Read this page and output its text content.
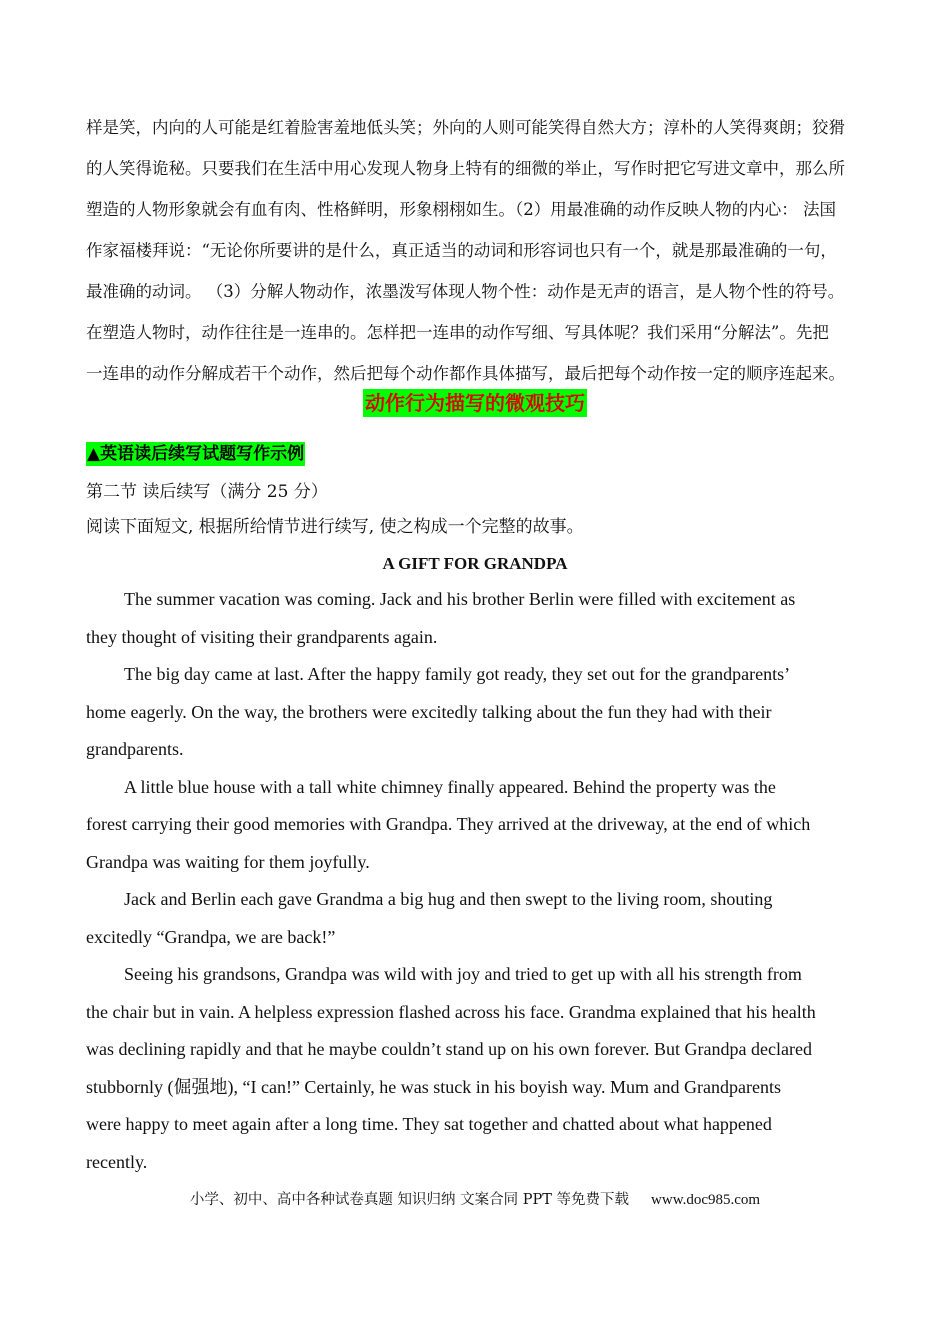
样是笑，内向的人可能是红着脸害羞地低头笑；外向的人则可能笑得自然大方；淳朴的人笑得爽朗；狡猾
的人笑得诡秘。只要我们在生活中用心发现人物身上特有的细微的举止，写作时把它写进文章中，那么所
塑造的人物形象就会有血有肉、性格鲜明，形象栩栩如生。（2）用最准确的动作反映人物的内心： 法国
作家福楼拜说：“无论你所要讲的是什么，真正适当的动词和形容词也只有一个，就是那最准确的一句，
最准确的动词。 （3）分解人物动作，浓墨泼写体现人物个性：动作是无声的语言，是人物个性的符号。
在塑造人物时，动作往往是一连串的。怎样把一连串的动作写细、写具体呢？我们采用“分解法”。先把
一连串的动作分解成若干个动作，然后把每个动作都作具体描写，最后把每个动作按一定的顺序连起来。
动作行为描写的微观技巧
▲英语读后续写试题写作示例
第二节 读后续写（满分 25 分）
阅读下面短文, 根据所给情节进行续写, 使之构成一个完整的故事。
A GIFT FOR GRANDPA
The summer vacation was coming. Jack and his brother Berlin were filled with excitement as
they thought of visiting their grandparents again.
The big day came at last. After the happy family got ready, they set out for the grandparents’
home eagerly. On the way, the brothers were excitedly talking about the fun they had with their
grandparents.
A little blue house with a tall white chimney finally appeared. Behind the property was the
forest carrying their good memories with Grandpa. They arrived at the driveway, at the end of which
Grandpa was waiting for them joyfully.
Jack and Berlin each gave Grandma a big hug and then swept to the living room, shouting
excitedly “Grandpa, we are back!”
Seeing his grandsons, Grandpa was wild with joy and tried to get up with all his strength from
the chair but in vain. A helpless expression flashed across his face. Grandma explained that his health
was declining rapidly and that he maybe couldn’t stand up on his own forever. But Grandpa declared
stubbornly (倔强地), “I can!” Certainly, he was stuck in his boyish way. Mum and Grandparents
were happy to meet again after a long time. They sat together and chatted about what happened
recently.
小学、初中、高中各种试卷真题 知识归纳 文案合同 PPT 等免费下载 www.doc985.com
